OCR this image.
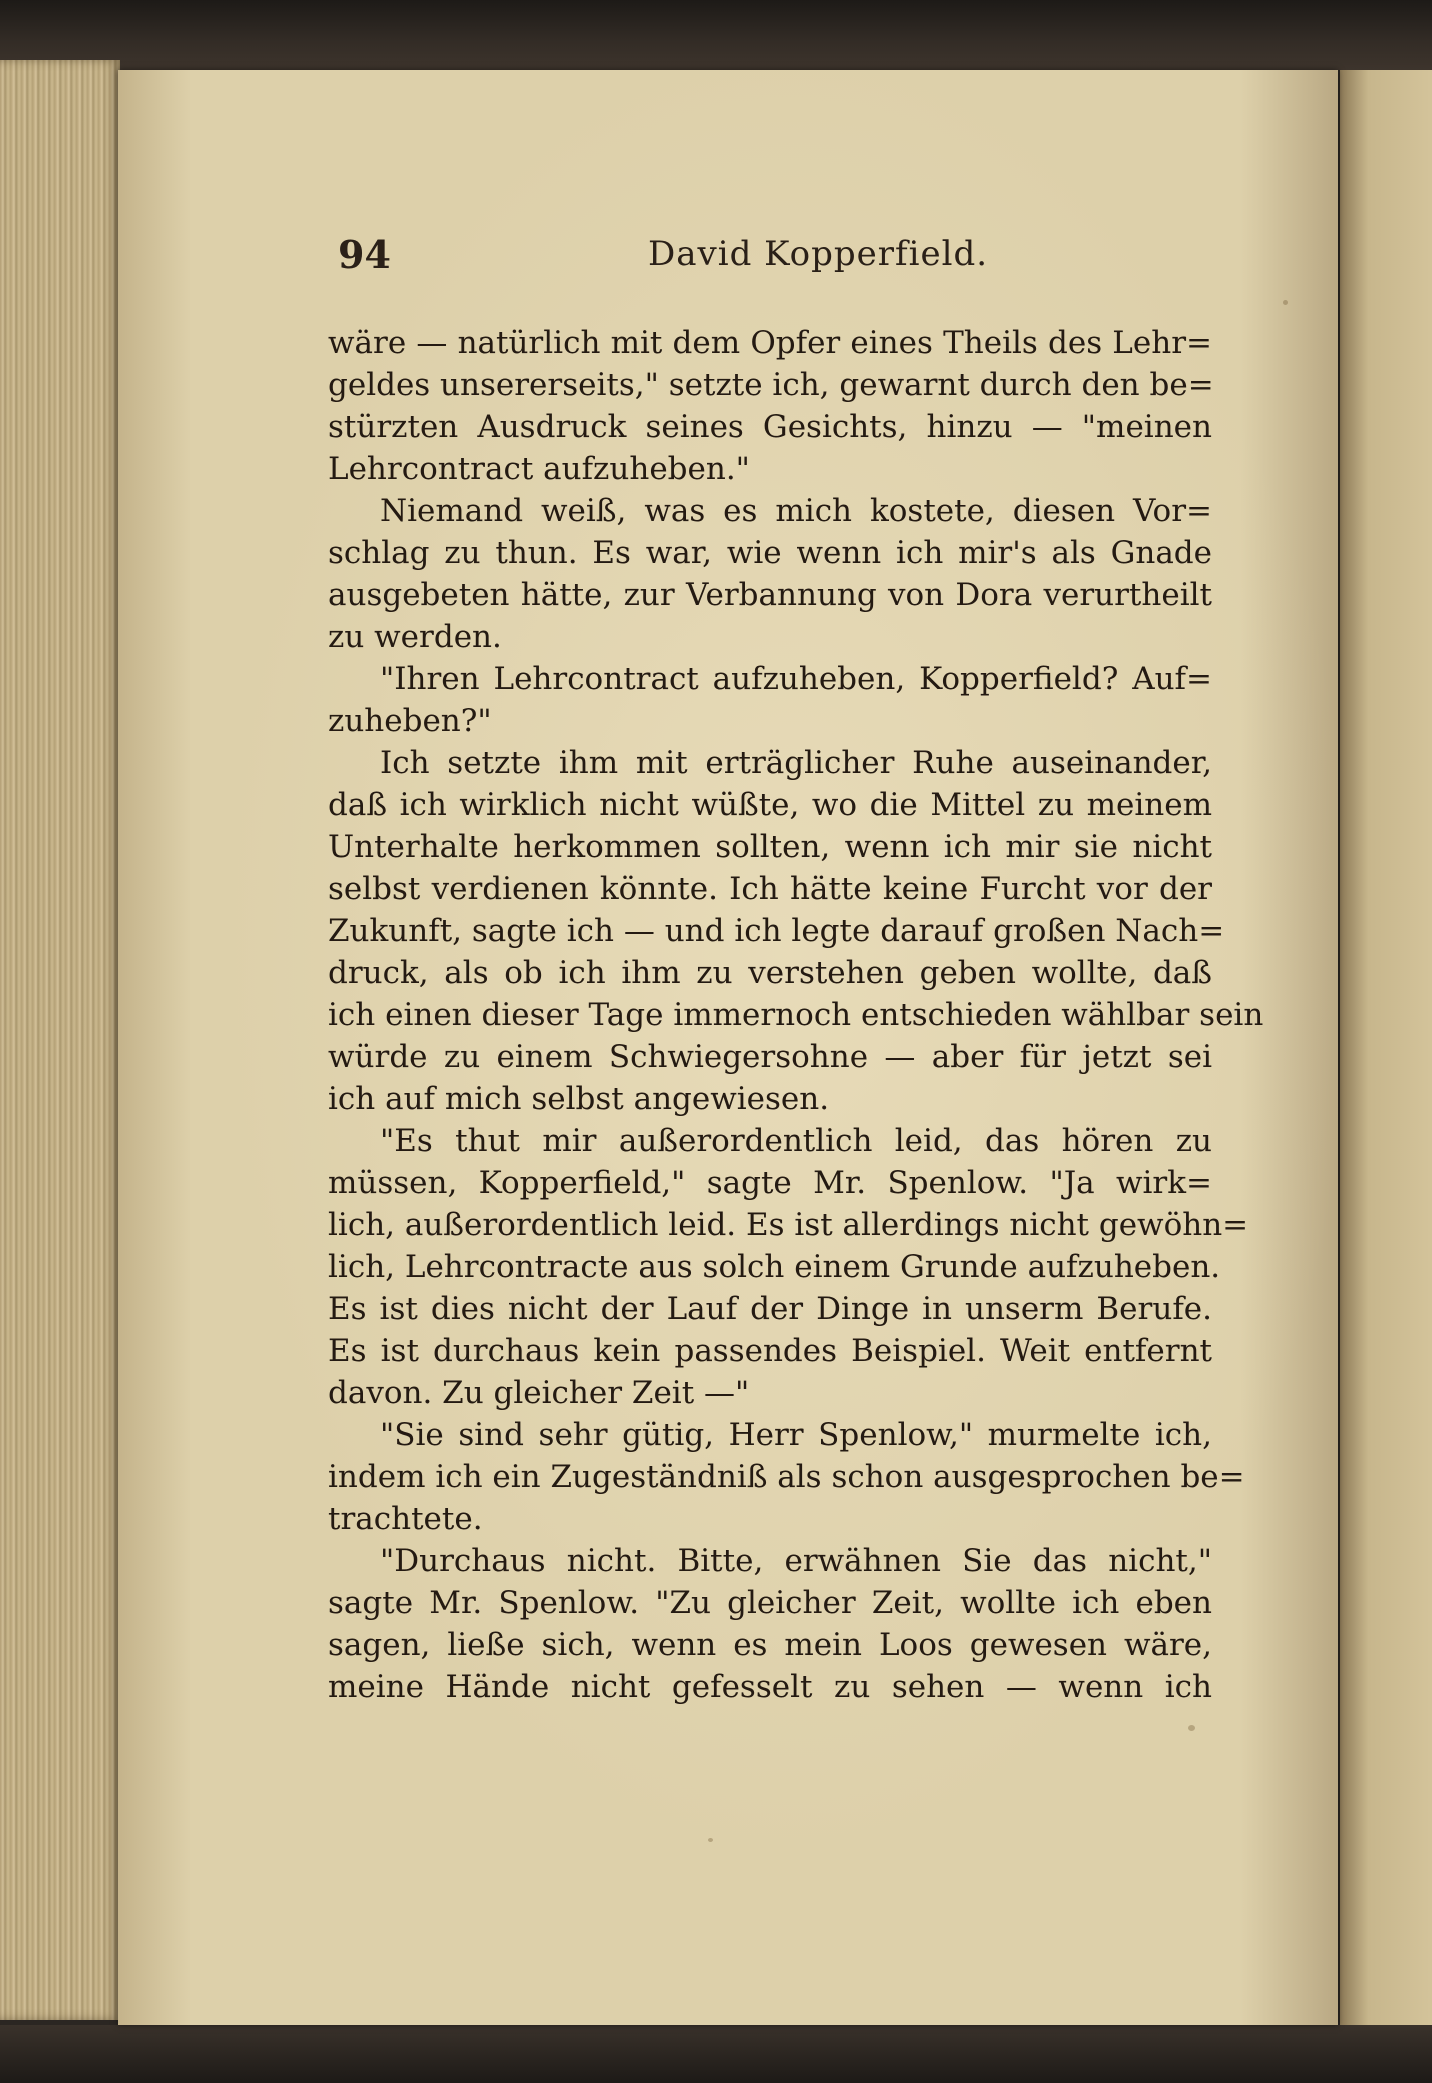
94	David Kopperfield.
wäre — natürlich mit dem Opfer eines Theils des Lehr=
geldes unsererseits," setzte ich, gewarnt durch den be=
stürzten Ausdruck seines Gesichts, hinzu — "meinen
Lehrcontract aufzuheben."
Niemand weiß, was es mich kostete, diesen Vor=
schlag zu thun. Es war, wie wenn ich mir's als Gnade
ausgebeten hätte, zur Verbannung von Dora verurtheilt
zu werden.
"Ihren Lehrcontract aufzuheben, Kopperfield? Auf=
zuheben?"
Ich setzte ihm mit erträglicher Ruhe auseinander,
daß ich wirklich nicht wüßte, wo die Mittel zu meinem
Unterhalte herkommen sollten, wenn ich mir sie nicht
selbst verdienen könnte. Ich hätte keine Furcht vor der
Zukunft, sagte ich — und ich legte darauf großen Nach=
druck, als ob ich ihm zu verstehen geben wollte, daß
ich einen dieser Tage immernoch entschieden wählbar sein
würde zu einem Schwiegersohne — aber für jetzt sei
ich auf mich selbst angewiesen.
"Es thut mir außerordentlich leid, das hören zu
müssen, Kopperfield," sagte Mr. Spenlow. "Ja wirk=
lich, außerordentlich leid. Es ist allerdings nicht gewöhn=
lich, Lehrcontracte aus solch einem Grunde aufzuheben.
Es ist dies nicht der Lauf der Dinge in unserm Berufe.
Es ist durchaus kein passendes Beispiel. Weit entfernt
davon. Zu gleicher Zeit —"
"Sie sind sehr gütig, Herr Spenlow," murmelte ich,
indem ich ein Zugeständniß als schon ausgesprochen be=
trachtete.
"Durchaus nicht. Bitte, erwähnen Sie das nicht,"
sagte Mr. Spenlow. "Zu gleicher Zeit, wollte ich eben
sagen, ließe sich, wenn es mein Loos gewesen wäre,
meine Hände nicht gefesselt zu sehen — wenn ich
